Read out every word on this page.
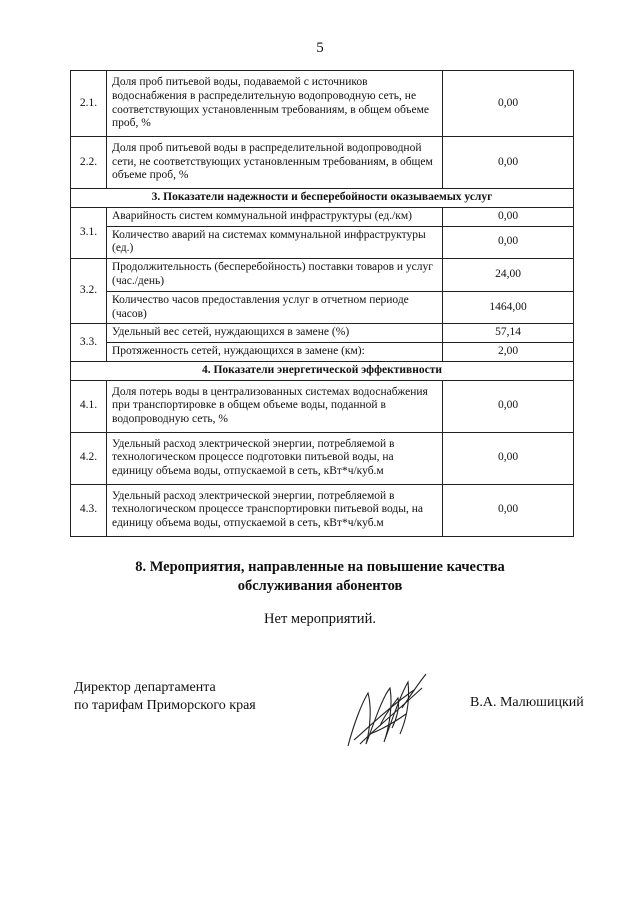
5
2.1.	Доля проб питьевой воды, подаваемой с источников водоснабжения в распределительную водопроводную сеть, не соответствующих установленным требованиям, в общем объеме проб, %	0,00
2.2.	Доля проб питьевой воды в распределительной водопроводной сети, не соответствующих установленным требованиям, в общем объеме проб, %	0,00
3. Показатели надежности и бесперебойности оказываемых услуг		
3.1.	Аварийность систем коммунальной инфраструктуры (ед./км)	0,00
	Количество аварий на системах коммунальной инфраструктуры (ед.)	0,00
3.2.	Продолжительность (бесперебойность) поставки товаров и услуг (час./день)	24,00
	Количество часов предоставления услуг в отчетном периоде (часов)	1464,00
3.3.	Удельный вес сетей, нуждающихся в замене (%)	57,14
	Протяженность сетей, нуждающихся в замене (км):	2,00
4. Показатели энергетической эффективности		
4.1.	Доля потерь воды в централизованных системах водоснабжения при транспортировке в общем объеме воды, поданной в водопроводную сеть, %	0,00
4.2.	Удельный расход электрической энергии, потребляемой в технологическом процессе подготовки питьевой воды, на единицу объема воды, отпускаемой в сеть, кВт*ч/куб.м	0,00
4.3.	Удельный расход электрической энергии, потребляемой в технологическом процессе транспортировки питьевой воды, на единицу объема воды, отпускаемой в сеть, кВт*ч/куб.м	0,00
8. Мероприятия, направленные на повышение качества
обслуживания абонентов
Нет мероприятий.
Директор департамента
по тарифам Приморского края	В.А. Малюшицкий
